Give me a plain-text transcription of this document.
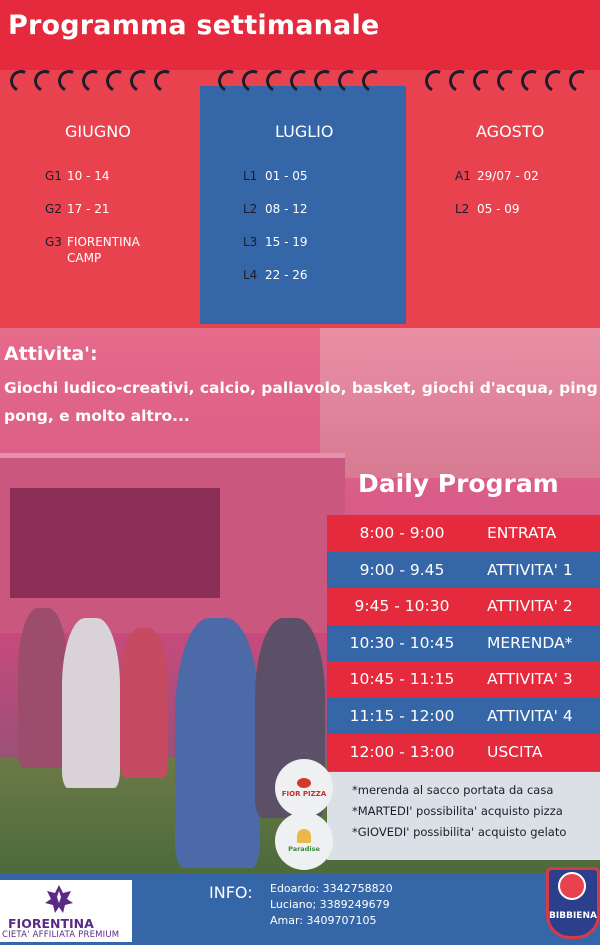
Programma settimanale
GIUGNO	LUGLIO	AGOSTO
G1 10 - 14
G2 17 - 21
G3 FIORENTINA
CAMP
L1 01 - 05
L2 08 - 12
L3 15 - 19
L4 22 - 26
A1 29/07 - 02
L2 05 - 09
Attivita':
Giochi ludico-creativi, calcio, pallavolo, basket, giochi d'acqua, ping pong, e molto altro...
Daily Program
8:00 - 9:00	ENTRATA
9:00 - 9.45	ATTIVITA' 1
9:45 - 10:30	ATTIVITA' 2
10:30 - 10:45	MERENDA*
10:45 - 11:15	ATTIVITA' 3
11:15 - 12:00	ATTIVITA' 4
12:00 - 13:00	USCITA
*merenda al sacco portata da casa
*MARTEDI' possibilita' acquisto pizza
*GIOVEDI' possibilita' acquisto gelato
FIOR PIZZA
Paradise
FIORENTINA
CIETA' AFFILIATA PREMIUM
INFO: Edoardo: 3342758820
Luciano; 3389249679
Amar: 3409707105	BIBBIENA
